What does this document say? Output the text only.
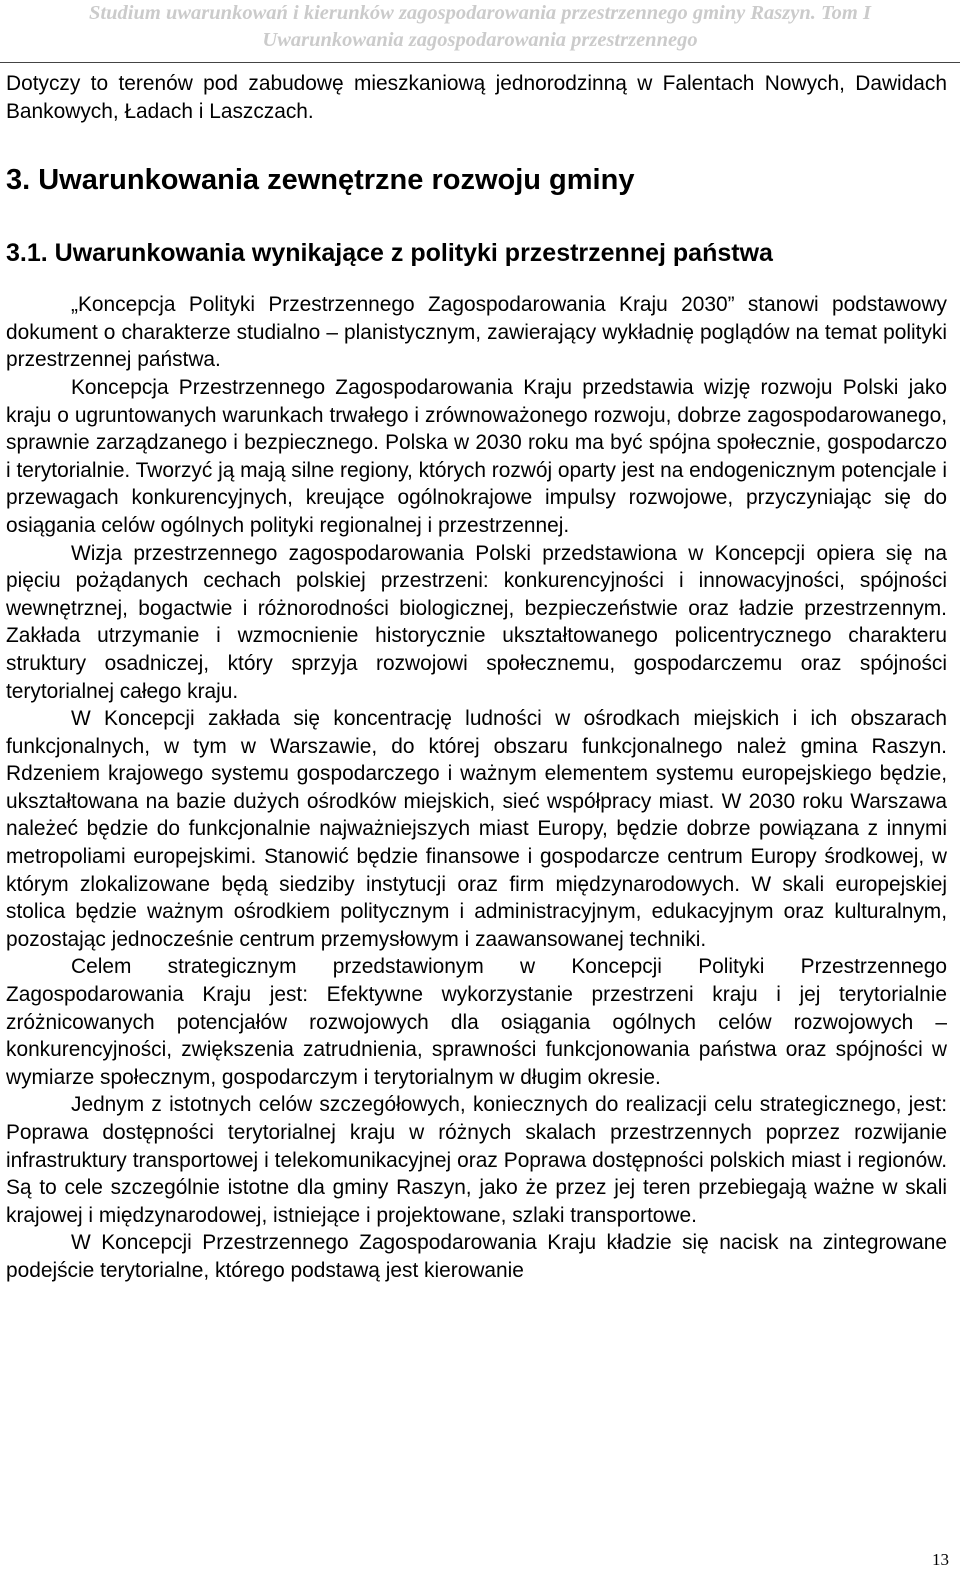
Studium uwarunkowań i kierunków zagospodarowania przestrzennego gminy Raszyn. Tom I
Uwarunkowania zagospodarowania przestrzennego

Dotyczy to terenów pod zabudowę mieszkaniową jednorodzinną w Falentach Nowych, Dawidach Bankowych, Ładach i Laszczach.

3. Uwarunkowania zewnętrzne rozwoju gminy
3.1. Uwarunkowania wynikające z polityki przestrzennej państwa

„Koncepcja Polityki Przestrzennego Zagospodarowania Kraju 2030” stanowi podstawowy dokument o charakterze studialno – planistycznym, zawierający wykładnię poglądów na temat polityki przestrzennej państwa.

Koncepcja Przestrzennego Zagospodarowania Kraju przedstawia wizję rozwoju Polski jako kraju o ugruntowanych warunkach trwałego i zrównoważonego rozwoju, dobrze zagospodarowanego, sprawnie zarządzanego i bezpiecznego. Polska w 2030 roku ma być spójna społecznie, gospodarczo i terytorialnie. Tworzyć ją mają silne regiony, których rozwój oparty jest na endogenicznym potencjale i przewagach konkurencyjnych, kreujące ogólnokrajowe impulsy rozwojowe, przyczyniając się do osiągania celów ogólnych polityki regionalnej i przestrzennej.

Wizja przestrzennego zagospodarowania Polski przedstawiona w Koncepcji opiera się na pięciu pożądanych cechach polskiej przestrzeni: konkurencyjności i innowacyjności, spójności wewnętrznej, bogactwie i różnorodności biologicznej, bezpieczeństwie oraz ładzie przestrzennym. Zakłada utrzymanie i wzmocnienie historycznie ukształtowanego policentrycznego charakteru struktury osadniczej, który sprzyja rozwojowi społecznemu, gospodarczemu oraz spójności terytorialnej całego kraju.

W Koncepcji zakłada się koncentrację ludności w ośrodkach miejskich i ich obszarach funkcjonalnych, w tym w Warszawie, do której obszaru funkcjonalnego należ gmina Raszyn. Rdzeniem krajowego systemu gospodarczego i ważnym elementem systemu europejskiego będzie, ukształtowana na bazie dużych ośrodków miejskich, sieć współpracy miast. W 2030 roku Warszawa należeć będzie do funkcjonalnie najważniejszych miast Europy, będzie dobrze powiązana z innymi metropoliami europejskimi. Stanowić będzie finansowe i gospodarcze centrum Europy środkowej, w którym zlokalizowane będą siedziby instytucji oraz firm międzynarodowych. W skali europejskiej stolica będzie ważnym ośrodkiem politycznym i administracyjnym, edukacyjnym oraz kulturalnym, pozostając jednocześnie centrum przemysłowym i zaawansowanej techniki.

Celem strategicznym przedstawionym w Koncepcji Polityki Przestrzennego Zagospodarowania Kraju jest: Efektywne wykorzystanie przestrzeni kraju i jej terytorialnie zróżnicowanych potencjałów rozwojowych dla osiągania ogólnych celów rozwojowych – konkurencyjności, zwiększenia zatrudnienia, sprawności funkcjonowania państwa oraz spójności w wymiarze społecznym, gospodarczym i terytorialnym w długim okresie.

Jednym z istotnych celów szczegółowych, koniecznych do realizacji celu strategicznego, jest: Poprawa dostępności terytorialnej kraju w różnych skalach przestrzennych poprzez rozwijanie infrastruktury transportowej i telekomunikacyjnej oraz Poprawa dostępności polskich miast i regionów. Są to cele szczególnie istotne dla gminy Raszyn, jako że przez jej teren przebiegają ważne w skali krajowej i międzynarodowej, istniejące i projektowane, szlaki transportowe.

W Koncepcji Przestrzennego Zagospodarowania Kraju kładzie się nacisk na zintegrowane podejście terytorialne, którego podstawą jest kierowanie

13
